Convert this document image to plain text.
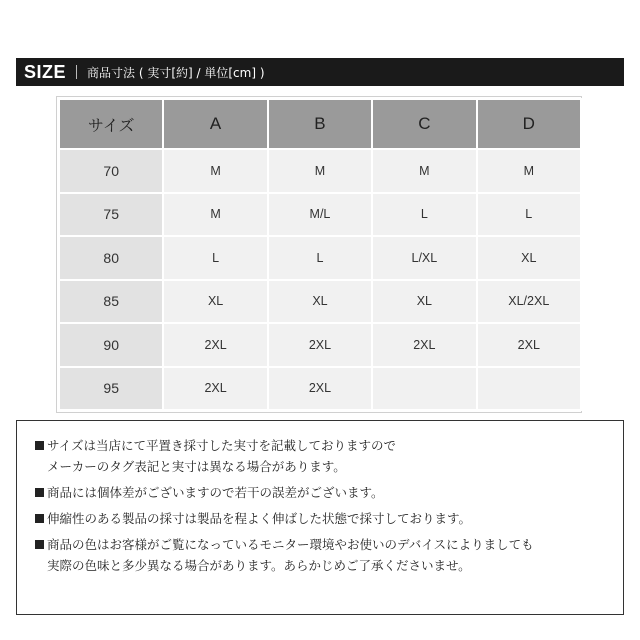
SIZE 商品寸法 ( 実寸[約] / 単位[cm] )
サイズ	A	B	C	D
70	M	M	M	M
75	M	M/L	L	L
80	L	L	L/XL	XL
85	XL	XL	XL	XL/2XL
90	2XL	2XL	2XL	2XL
95	2XL	2XL		
サイズは当店にて平置き採寸した実寸を記載しておりますので
メーカーのタグ表記と実寸は異なる場合があります。
商品には個体差がございますので若干の誤差がございます。
伸縮性のある製品の採寸は製品を程よく伸ばした状態で採寸しております。
商品の色はお客様がご覧になっているモニター環境やお使いのデバイスによりましても
実際の色味と多少異なる場合があります。あらかじめご了承くださいませ。
